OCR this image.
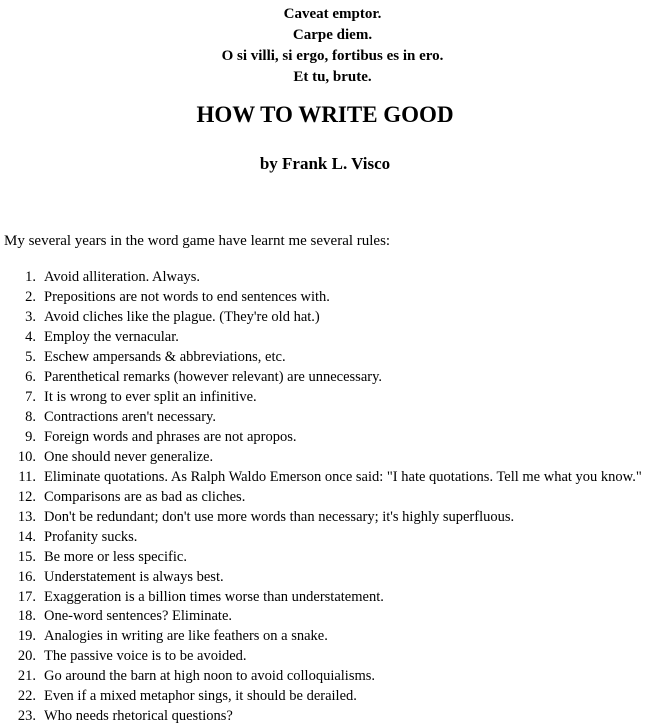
Caveat emptor.
Carpe diem.
O si villi, si ergo, fortibus es in ero.
Et tu, brute.
HOW TO WRITE GOOD
by Frank L. Visco
My several years in the word game have learnt me several rules:
1. Avoid alliteration. Always.
2. Prepositions are not words to end sentences with.
3. Avoid cliches like the plague. (They're old hat.)
4. Employ the vernacular.
5. Eschew ampersands & abbreviations, etc.
6. Parenthetical remarks (however relevant) are unnecessary.
7. It is wrong to ever split an infinitive.
8. Contractions aren't necessary.
9. Foreign words and phrases are not apropos.
10. One should never generalize.
11. Eliminate quotations. As Ralph Waldo Emerson once said: "I hate quotations. Tell me what you know."
12. Comparisons are as bad as cliches.
13. Don't be redundant; don't use more words than necessary; it's highly superfluous.
14. Profanity sucks.
15. Be more or less specific.
16. Understatement is always best.
17. Exaggeration is a billion times worse than understatement.
18. One-word sentences? Eliminate.
19. Analogies in writing are like feathers on a snake.
20. The passive voice is to be avoided.
21. Go around the barn at high noon to avoid colloquialisms.
22. Even if a mixed metaphor sings, it should be derailed.
23. Who needs rhetorical questions?
